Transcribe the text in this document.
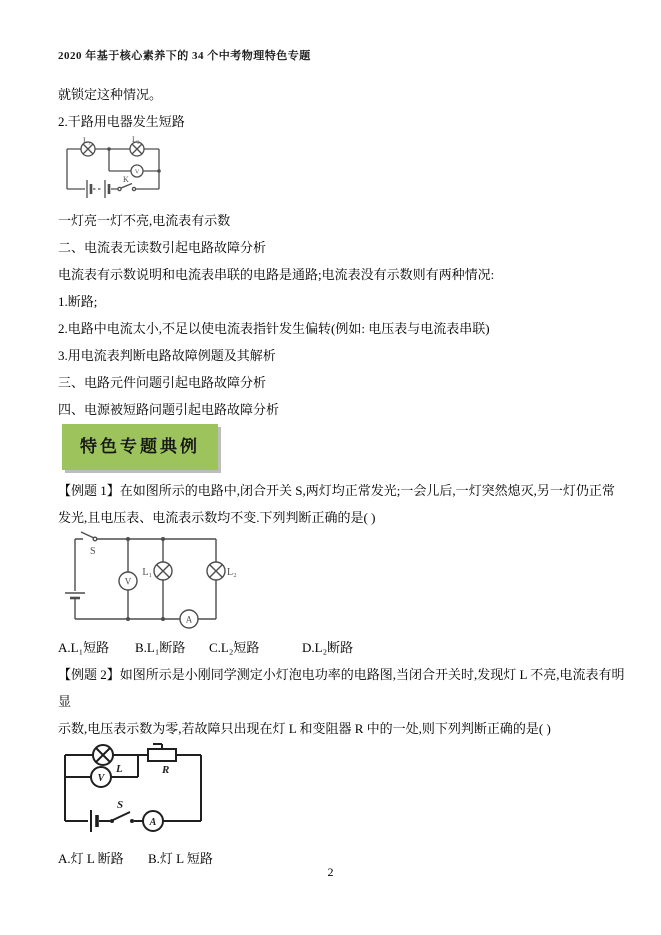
2020 年基于核心素养下的 34 个中考物理特色专题

就锁定这种情况。

2.干路用电器发生短路

V
L₁	L₂
K

一灯亮一灯不亮,电流表有示数

二、电流表无读数引起电路故障分析

电流表有示数说明和电流表串联的电路是通路;电流表没有示数则有两种情况:

1.断路;

2.电路中电流太小,不足以使电流表指针发生偏转(例如: 电压表与电流表串联)

3.用电流表判断电路故障例题及其解析

三、电路元件问题引起电路故障分析

四、电源被短路问题引起电路故障分析

特色专题典例

【例题 1】在如图所示的电路中,闭合开关 S,两灯均正常发光;一会儿后,一灯突然熄灭,另一灯仍正常

发光,且电压表、电流表示数均不变.下列判断正确的是( )

S
V
A
L₁	L₂

A.L₁短路 B.L₁断路 C.L₂短路	D.L₂断路

【例题 2】如图所示是小刚同学测定小灯泡电功率的电路图,当闭合开关时,发现灯 L 不亮,电流表有明显

示数,电压表示数为零,若故障只出现在灯 L 和变阻器 R 中的一处,则下列判断正确的是( )

V
A
L	R
S

A.灯 L 断路 B.灯 L 短路

2
